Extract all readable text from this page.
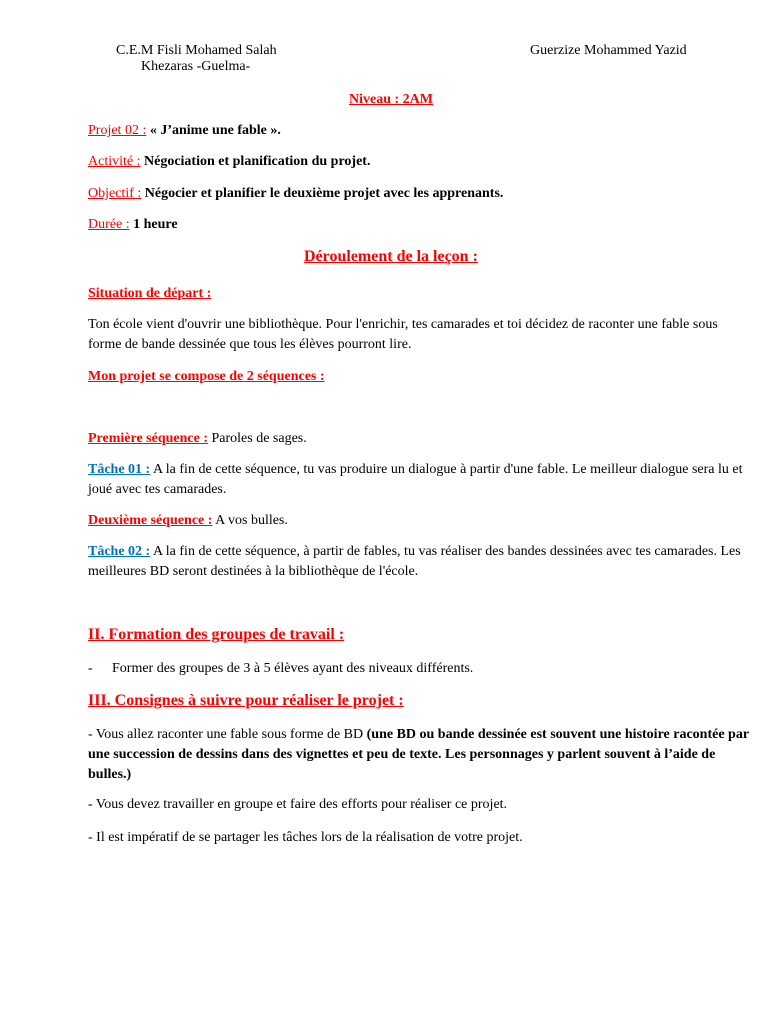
C.E.M Fisli Mohamed Salah
Khezaras -Guelma-
Guerzize Mohammed Yazid
Niveau : 2AM
Projet 02 : « J’anime une fable ».
Activité : Négociation et planification du projet.
Objectif : Négocier et planifier le deuxième projet avec les apprenants.
Durée : 1 heure
Déroulement de la leçon :
Situation de départ :
Ton école vient d'ouvrir une bibliothèque. Pour l'enrichir, tes camarades et toi décidez de raconter une fable sous forme de bande dessinée que tous les élèves pourront lire.
Mon projet se compose de 2 séquences :
Première séquence : Paroles de sages.
Tâche 01 : A la fin de cette séquence, tu vas produire un dialogue à partir d'une fable. Le meilleur dialogue sera lu et joué avec tes camarades.
Deuxième séquence : A vos bulles.
Tâche 02 : A la fin de cette séquence, à partir de fables, tu vas réaliser des bandes dessinées avec tes camarades. Les meilleures BD seront destinées à la bibliothèque de l'école.
II. Formation des groupes de travail :
- Former des groupes de 3 à 5 élèves ayant des niveaux différents.
III. Consignes à suivre pour réaliser le projet :
- Vous allez raconter une fable sous forme de BD (une BD ou bande dessinée est souvent une histoire racontée par une succession de dessins dans des vignettes et peu de texte. Les personnages y parlent souvent à l’aide de bulles.)
- Vous devez travailler en groupe et faire des efforts pour réaliser ce projet.
- Il est impératif de se partager les tâches lors de la réalisation de votre projet.
